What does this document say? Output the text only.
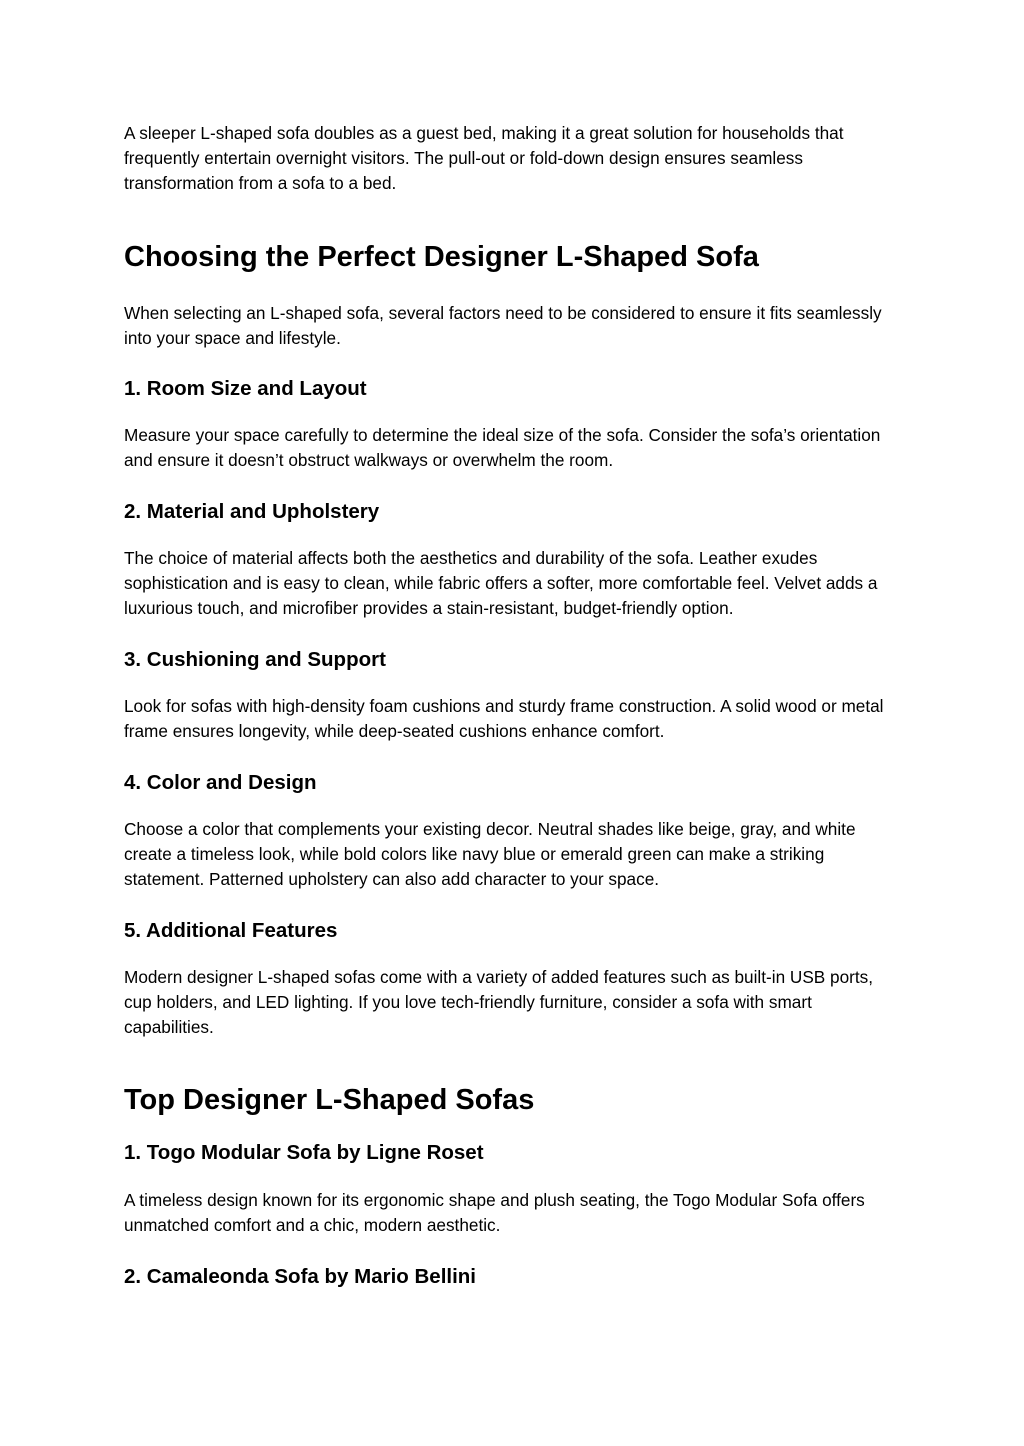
A sleeper L-shaped sofa doubles as a guest bed, making it a great solution for households that frequently entertain overnight visitors. The pull-out or fold-down design ensures seamless transformation from a sofa to a bed.

Choosing the Perfect Designer L-Shaped Sofa

When selecting an L-shaped sofa, several factors need to be considered to ensure it fits seamlessly into your space and lifestyle.

1. Room Size and Layout

Measure your space carefully to determine the ideal size of the sofa. Consider the sofa’s orientation and ensure it doesn’t obstruct walkways or overwhelm the room.

2. Material and Upholstery

The choice of material affects both the aesthetics and durability of the sofa. Leather exudes sophistication and is easy to clean, while fabric offers a softer, more comfortable feel. Velvet adds a luxurious touch, and microfiber provides a stain-resistant, budget-friendly option.

3. Cushioning and Support

Look for sofas with high-density foam cushions and sturdy frame construction. A solid wood or metal frame ensures longevity, while deep-seated cushions enhance comfort.

4. Color and Design

Choose a color that complements your existing decor. Neutral shades like beige, gray, and white create a timeless look, while bold colors like navy blue or emerald green can make a striking statement. Patterned upholstery can also add character to your space.

5. Additional Features

Modern designer L-shaped sofas come with a variety of added features such as built-in USB ports, cup holders, and LED lighting. If you love tech-friendly furniture, consider a sofa with smart capabilities.

Top Designer L-Shaped Sofas
1. Togo Modular Sofa by Ligne Roset

A timeless design known for its ergonomic shape and plush seating, the Togo Modular Sofa offers unmatched comfort and a chic, modern aesthetic.

2. Camaleonda Sofa by Mario Bellini
